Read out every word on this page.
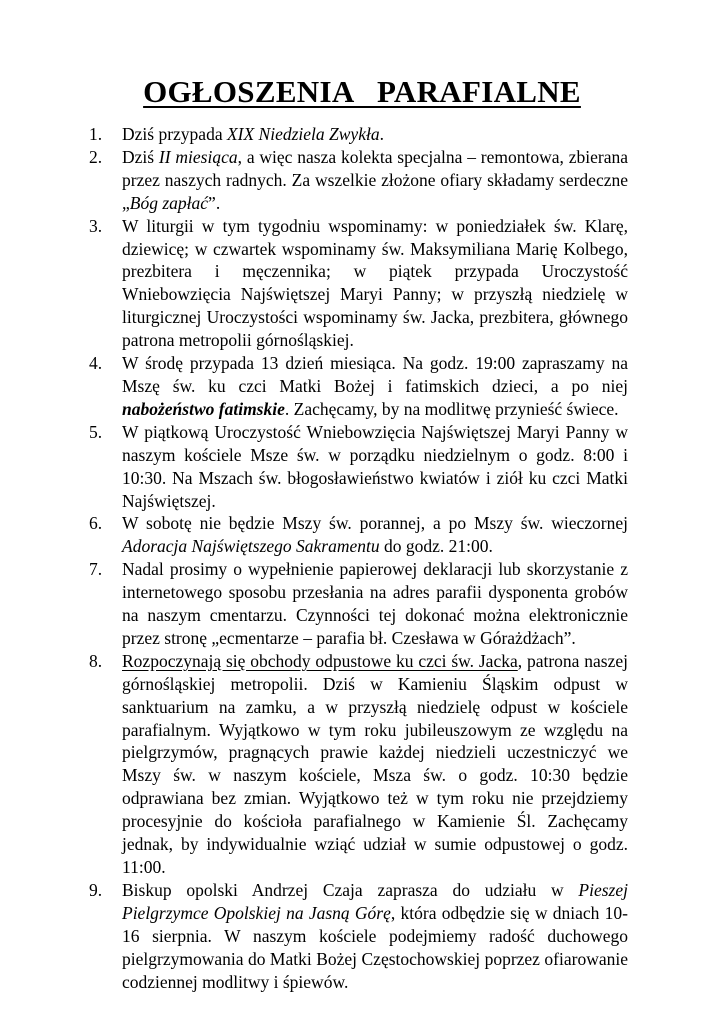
OGŁOSZENIA   PARAFIALNE
1.	Dziś przypada XIX Niedziela Zwykła.
2.	Dziś II miesiąca, a więc nasza kolekta specjalna – remontowa, zbierana przez naszych radnych. Za wszelkie złożone ofiary składamy serdeczne „Bóg zapłać”.
3.	W liturgii w tym tygodniu wspominamy: w poniedziałek św. Klarę, dziewicę; w czwartek wspominamy św. Maksymiliana Marię Kolbego, prezbitera i męczennika; w piątek przypada Uroczystość Wniebowzięcia Najświętszej Maryi Panny; w przyszłą niedzielę w liturgicznej Uroczystości wspominamy św. Jacka, prezbitera, głównego patrona metropolii górnośląskiej.
4.	W środę przypada 13 dzień miesiąca. Na godz. 19:00 zapraszamy na Mszę św. ku czci Matki Bożej i fatimskich dzieci, a po niej nabożeństwo fatimskie. Zachęcamy, by na modlitwę przynieść świece.
5.	W piątkową Uroczystość Wniebowzięcia Najświętszej Maryi Panny w naszym kościele Msze św. w porządku niedzielnym o godz. 8:00 i 10:30. Na Mszach św. błogosławieństwo kwiatów i ziół ku czci Matki Najświętszej.
6.	W sobotę nie będzie Mszy św. porannej, a po Mszy św. wieczornej Adoracja Najświętszego Sakramentu do godz. 21:00.
7.	Nadal prosimy o wypełnienie papierowej deklaracji lub skorzystanie z internetowego sposobu przesłania na adres parafii dysponenta grobów na naszym cmentarzu. Czynności tej dokonać można elektronicznie przez stronę „ecmentarze – parafia bł. Czesława w Górażdżach”.
8.	Rozpoczynają się obchody odpustowe ku czci św. Jacka, patrona naszej górnośląskiej metropolii. Dziś w Kamieniu Śląskim odpust w sanktuarium na zamku, a w przyszłą niedzielę odpust w kościele parafialnym. Wyjątkowo w tym roku jubileuszowym ze względu na pielgrzymów, pragnących prawie każdej niedzieli uczestniczyć we Mszy św. w naszym kościele, Msza św. o godz. 10:30 będzie odprawiana bez zmian. Wyjątkowo też w tym roku nie przejdziemy procesyjnie do kościoła parafialnego w Kamienie Śl. Zachęcamy jednak, by indywidualnie wziąć udział w sumie odpustowej o godz. 11:00.
9.	Biskup opolski Andrzej Czaja zaprasza do udziału w Pieszej Pielgrzymce Opolskiej na Jasną Górę, która odbędzie się w dniach 10-16 sierpnia. W naszym kościele podejmiemy radość duchowego pielgrzymowania do Matki Bożej Częstochowskiej poprzez ofiarowanie codziennej modlitwy i śpiewów.
